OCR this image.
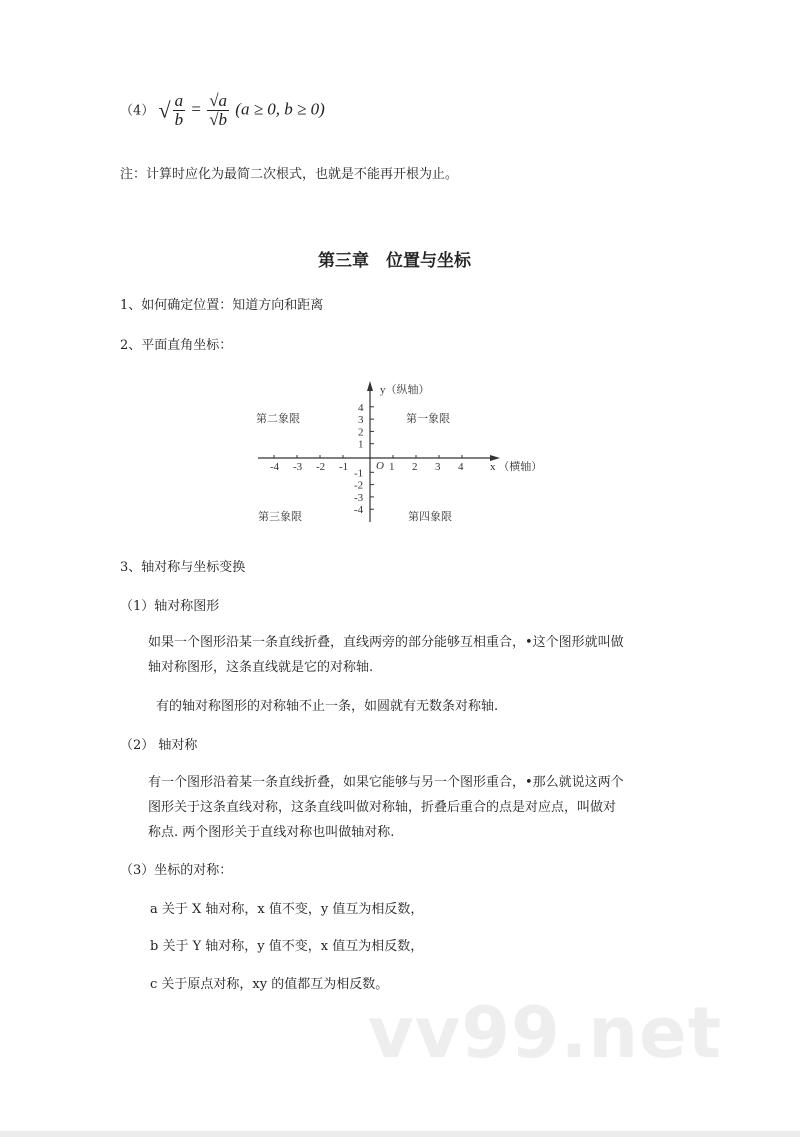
（4） √ $\frac{a}{b} = \frac{√a}{√b} (a \ge 0$, b ≥ 0)
注：计算时应化为最简二次根式，也就是不能再开根为止。
第三章　位置与坐标
1、如何确定位置：知道方向和距离
2、平面直角坐标：
-4 -3 -2 -1	1 2 3 4
4
3
2
1
-1
-2
-3
-4
y（纵轴）
x （横轴）
O
第一象限
第二象限
第三象限	第四象限
3、轴对称与坐标变换
（1）轴对称图形
如果一个图形沿某一条直线折叠，直线两旁的部分能够互相重合，•这个图形就叫做
轴对称图形，这条直线就是它的对称轴.
有的轴对称图形的对称轴不止一条，如圆就有无数条对称轴.
（2） 轴对称
有一个图形沿着某一条直线折叠，如果它能够与另一个图形重合，•那么就说这两个
图形关于这条直线对称，这条直线叫做对称轴，折叠后重合的点是对应点，叫做对
称点. 两个图形关于直线对称也叫做轴对称.
（3）坐标的对称：
a 关于 X 轴对称，x 值不变，y 值互为相反数，
b 关于 Y 轴对称，y 值不变，x 值互为相反数，
c 关于原点对称，xy 的值都互为相反数。
vv99.net
